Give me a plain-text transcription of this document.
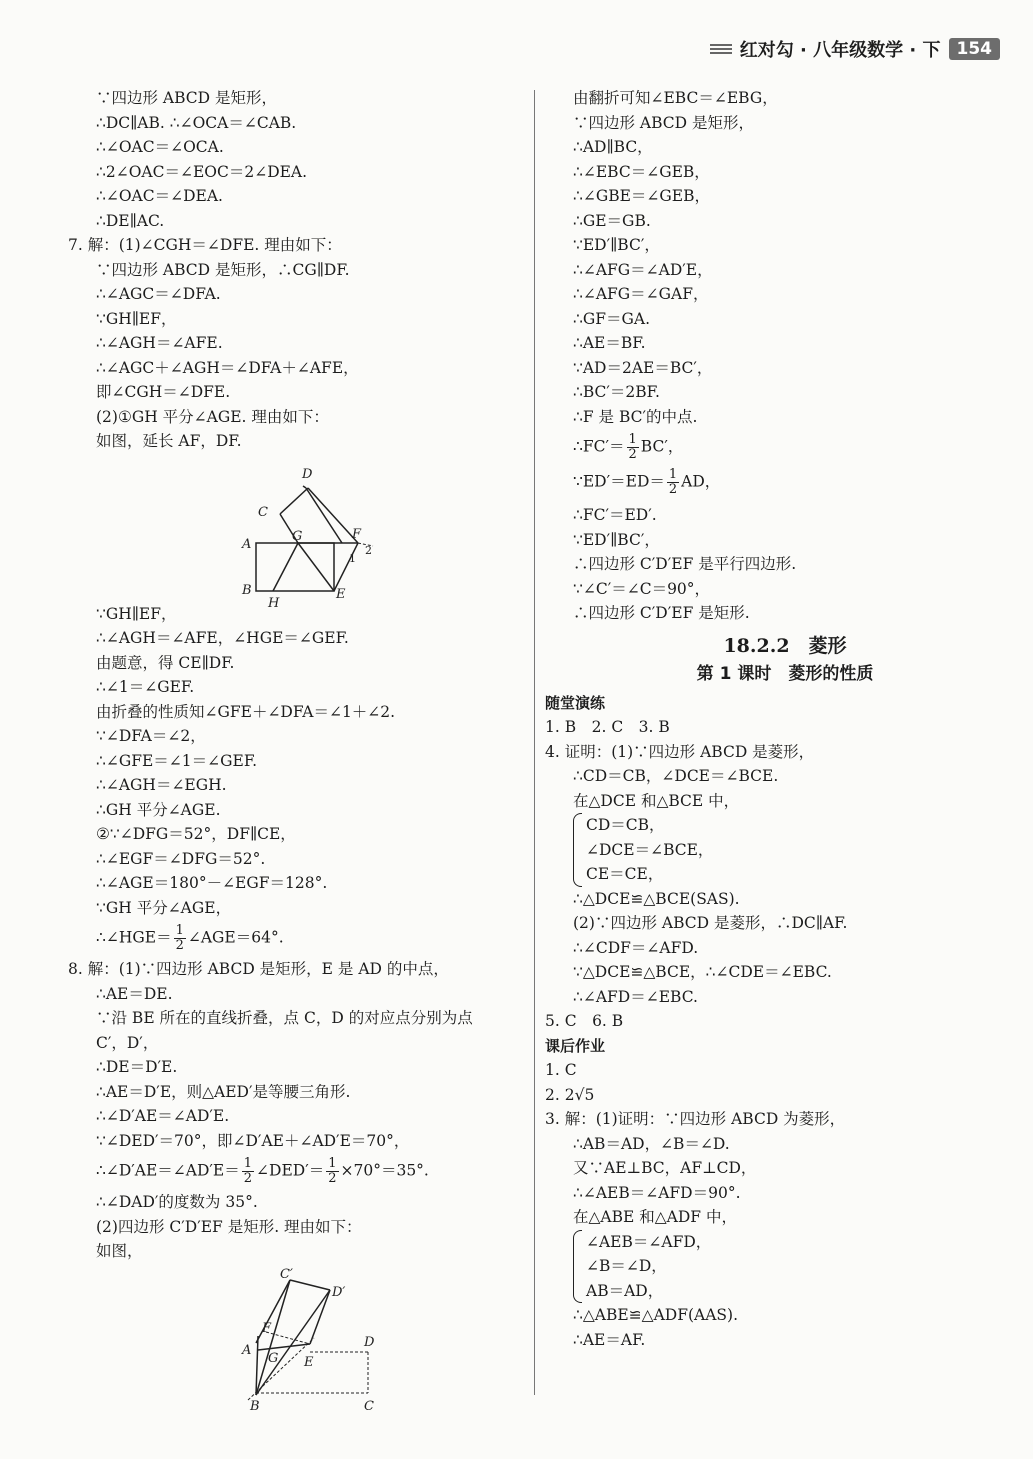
红对勾 · 八年级数学 · 下 154
∵四边形 ABCD 是矩形，
∴DC∥AB. ∴∠OCA＝∠CAB.
∴∠OAC＝∠OCA.
∴2∠OAC＝∠EOC＝2∠DEA.
∴∠OAC＝∠DEA.
∴DE∥AC.
7. 解：(1)∠CGH＝∠DFE. 理由如下：
∵四边形 ABCD 是矩形，∴CG∥DF.
∴∠AGC＝∠DFA.
∵GH∥EF，
∴∠AGH＝∠AFE.
∴∠AGC＋∠AGH＝∠DFA＋∠AFE，
即∠CGH＝∠DFE.
(2)①GH 平分∠AGE. 理由如下：
如图，延长 AF，DF.
D
C
A
G	F
B
H
E
1
2
∵GH∥EF，
∴∠AGH＝∠AFE，∠HGE＝∠GEF.
由题意，得 CE∥DF.
∴∠1＝∠GEF.
由折叠的性质知∠GFE＋∠DFA＝∠1＋∠2.
∵∠DFA＝∠2，
∴∠GFE＝∠1＝∠GEF.
∴∠AGH＝∠EGH.
∴GH 平分∠AGE.
②∵∠DFG＝52°，DF∥CE，
∴∠EGF＝∠DFG＝52°.
∴∠AGE＝180°－∠EGF＝128°.
∵GH 平分∠AGE，
∴∠HGE＝ $\frac{1}{2}$ ∠AGE＝64°.
8. 解：(1)∵四边形 ABCD 是矩形，E 是 AD 的中点，
∴AE＝DE.
∵沿 BE 所在的直线折叠，点 C，D 的对应点分别为点
C′，D′，
∴DE＝D′E.
∴AE＝D′E，则△AED′是等腰三角形.
∴∠D′AE＝∠AD′E.
∵∠DED′＝70°，即∠D′AE＋∠AD′E＝70°，
∴∠D′AE＝∠AD′E＝ $\frac{1}{2}$ ∠DED′＝ $\frac{1}{2} \times 70^\circ=35^\circ$.
∴∠DAD′的度数为 35°.
(2)四边形 C′D′EF 是矩形. 理由如下：
如图，
C′
D′
F
A
G E
D
B	C
由翻折可知∠EBC＝∠EBG，
∵四边形 ABCD 是矩形，
∴AD∥BC，
∴∠EBC＝∠GEB，
∴∠GBE＝∠GEB，
∴GE＝GB.
∵ED′∥BC′，
∴∠AFG＝∠AD′E，
∴∠AFG＝∠GAF，
∴GF＝GA.
∴AE＝BF.
∵AD＝2AE＝BC′，
∴BC′＝2BF.
∴F 是 BC′的中点.
∴FC′＝ $\frac{1}{2} BC'$，
∵ED′＝ED＝ $\frac{1}{2}$ AD，
∴FC′＝ED′.
∵ED′∥BC′，
∴四边形 C′D′EF 是平行四边形.
∵∠C′＝∠C＝90°，
∴四边形 C′D′EF 是矩形.
18.2.2　菱形
第 1 课时　菱形的性质
随堂演练
1. B　2. C　3. B
4. 证明：(1)∵四边形 ABCD 是菱形，
∴CD＝CB，∠DCE＝∠BCE.
在△DCE 和△BCE 中，
CD＝CB，
∠DCE＝∠BCE，
CE＝CE，
∴△DCE≌△BCE(SAS).
(2)∵四边形 ABCD 是菱形，∴DC∥AF.
∴∠CDF＝∠AFD.
∵△DCE≌△BCE，∴∠CDE＝∠EBC.
∴∠AFD＝∠EBC.
5. C　6. B
课后作业
1. C
2. 2√5
3. 解：(1)证明：∵四边形 ABCD 为菱形，
∴AB＝AD，∠B＝∠D.
又∵AE⊥BC，AF⊥CD，
∴∠AEB＝∠AFD＝90°.
在△ABE 和△ADF 中，
∠AEB＝∠AFD，
∠B＝∠D，
AB＝AD，
∴△ABE≌△ADF(AAS).
∴AE＝AF.
